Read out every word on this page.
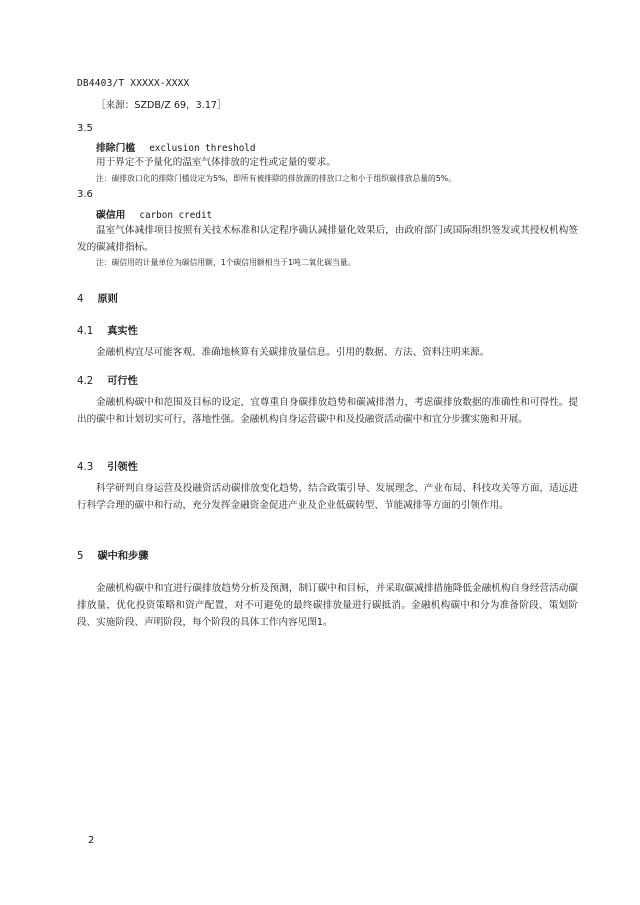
DB4403/T XXXXX-XXXX
［来源：SZDB/Z 69，3.17］
3.5
排除门槛 exclusion threshold
用于界定不予量化的温室气体排放的定性或定量的要求。
注：碳排放口化的排除门槛设定为5%，即所有被排除的排放源的排放口之和小于组织碳排放总量的5%。
3.6
碳信用 carbon credit
温室气体减排项目按照有关技术标准和认定程序确认减排量化效果后，由政府部门或国际组织签发或其授权机构签发的碳减排指标。
注：碳信用的计量单位为碳信用额，1个碳信用额相当于1吨二氧化碳当量。
4 原则
4.1 真实性
金融机构宜尽可能客观、准确地核算有关碳排放量信息。引用的数据、方法、资料注明来源。
4.2 可行性
金融机构碳中和范围及目标的设定，宜尊重自身碳排放趋势和碳减排潜力，考虑碳排放数据的准确性和可得性。提出的碳中和计划切实可行，落地性强。金融机构自身运营碳中和及投融资活动碳中和宜分步骤实施和开展。
4.3 引领性
科学研判自身运营及投融资活动碳排放变化趋势，结合政策引导、发展理念、产业布局、科技攻关等方面，适远进行科学合理的碳中和行动，充分发挥金融资金促进产业及企业低碳转型、节能减排等方面的引领作用。
5 碳中和步骤
金融机构碳中和宜进行碳排放趋势分析及预测，制订碳中和目标，并采取碳减排措施降低金融机构自身经营活动碳排放量，优化投资策略和资产配置，对不可避免的最终碳排放量进行碳抵消。金融机构碳中和分为准备阶段、策划阶段、实施阶段、声明阶段，每个阶段的具体工作内容见图1。
2
